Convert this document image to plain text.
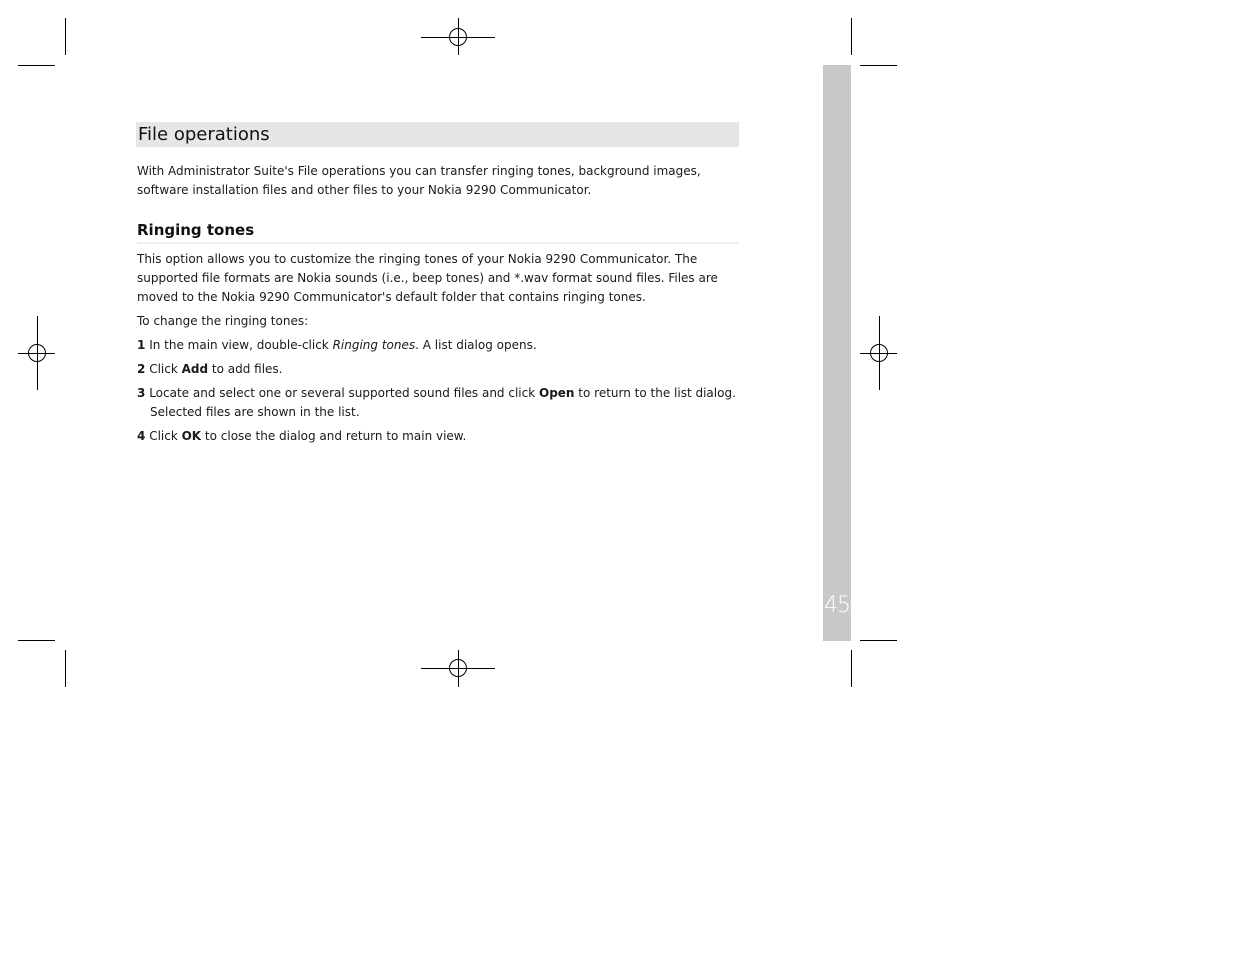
45
File operations

With Administrator Suite's File operations you can transfer ringing tones, background images, software installation files and other files to your Nokia 9290 Communicator.

Ringing tones

This option allows you to customize the ringing tones of your Nokia 9290 Communicator. The supported file formats are Nokia sounds (i.e., beep tones) and *.wav format sound files. Files are moved to the Nokia 9290 Communicator's default folder that contains ringing tones.

To change the ringing tones:

1 In the main view, double-click Ringing tones. A list dialog opens.
2 Click Add to add files.
3 Locate and select one or several supported sound files and click Open to return to the list dialog. Selected files are shown in the list.
4 Click OK to close the dialog and return to main view.
